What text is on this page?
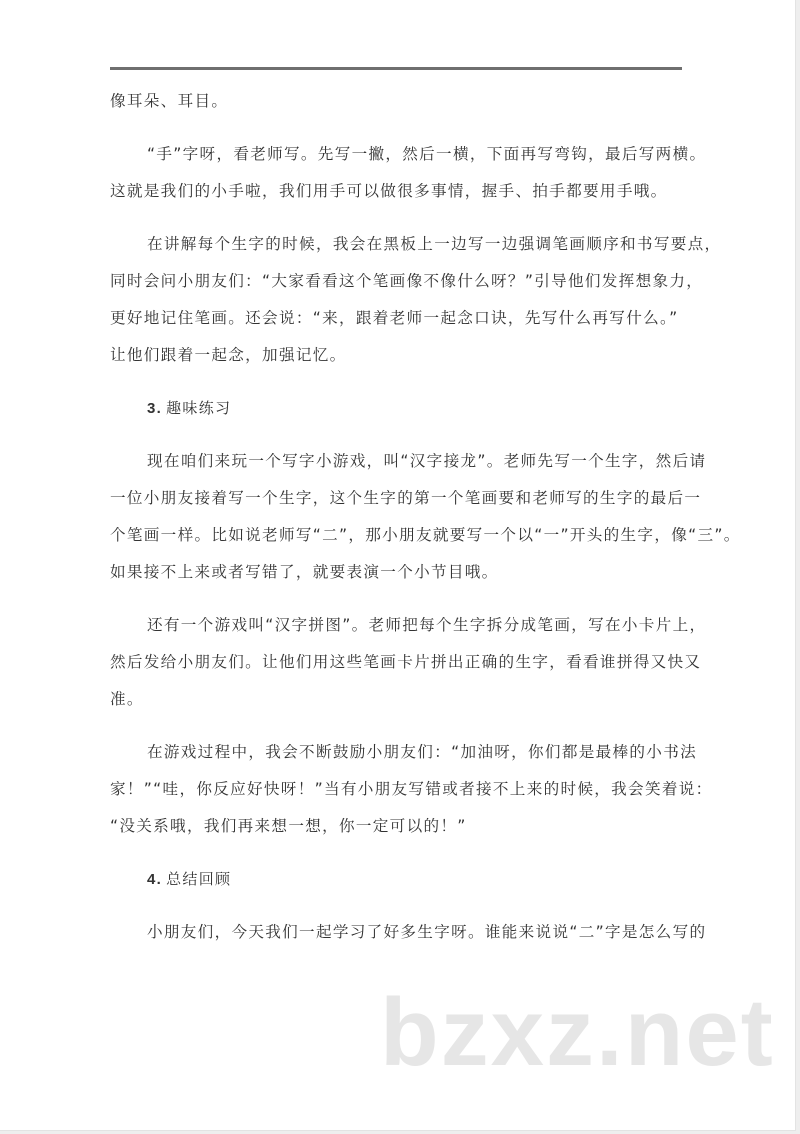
像耳朵、耳目。
“手”字呀，看老师写。先写一撇，然后一横，下面再写弯钩，最后写两横。
这就是我们的小手啦，我们用手可以做很多事情，握手、拍手都要用手哦。
在讲解每个生字的时候，我会在黑板上一边写一边强调笔画顺序和书写要点，
同时会问小朋友们：“大家看看这个笔画像不像什么呀？”引导他们发挥想象力，
更好地记住笔画。还会说：“来，跟着老师一起念口诀，先写什么再写什么。”
让他们跟着一起念，加强记忆。
3. 趣味练习
现在咱们来玩一个写字小游戏，叫“汉字接龙”。老师先写一个生字，然后请
一位小朋友接着写一个生字，这个生字的第一个笔画要和老师写的生字的最后一
个笔画一样。比如说老师写“二”，那小朋友就要写一个以“一”开头的生字，像“三”。
如果接不上来或者写错了，就要表演一个小节目哦。
还有一个游戏叫“汉字拼图”。老师把每个生字拆分成笔画，写在小卡片上，
然后发给小朋友们。让他们用这些笔画卡片拼出正确的生字，看看谁拼得又快又
准。
在游戏过程中，我会不断鼓励小朋友们：“加油呀，你们都是最棒的小书法
家！”“哇，你反应好快呀！”当有小朋友写错或者接不上来的时候，我会笑着说：
“没关系哦，我们再来想一想，你一定可以的！”
4. 总结回顾
小朋友们，今天我们一起学习了好多生字呀。谁能来说说“二”字是怎么写的
bzxz.net
